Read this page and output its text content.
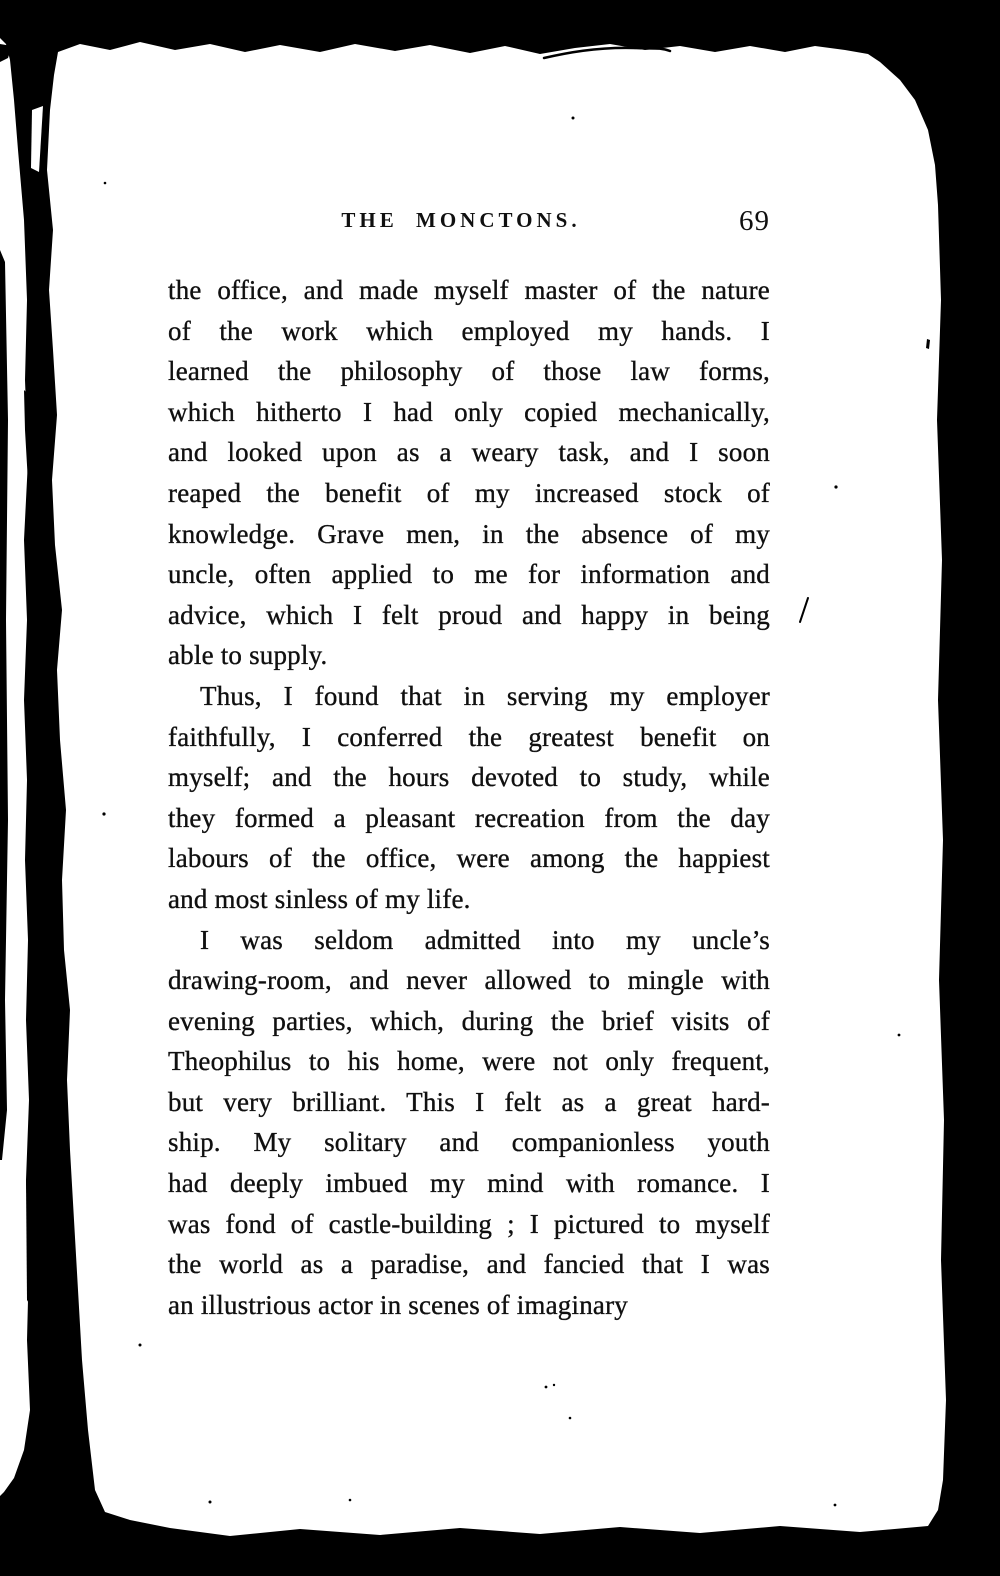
THE MONCTONS.	69
the office, and made myself master of the nature
of the work which employed my hands. I
learned the philosophy of those law forms,
which hitherto I had only copied mechanically,
and looked upon as a weary task, and I soon
reaped the benefit of my increased stock of
knowledge. Grave men, in the absence of my
uncle, often applied to me for information and
advice, which I felt proud and happy in being
able to supply.
Thus, I found that in serving my employer
faithfully, I conferred the greatest benefit on
myself; and the hours devoted to study, while
they formed a pleasant recreation from the day
labours of the office, were among the happiest
and most sinless of my life.
I was seldom admitted into my uncle’s
drawing-room, and never allowed to mingle with
evening parties, which, during the brief visits of
Theophilus to his home, were not only frequent,
but very brilliant. This I felt as a great hard-
ship. My solitary and companionless youth
had deeply imbued my mind with romance. I
was fond of castle-building ; I pictured to myself
the world as a paradise, and fancied that I was
an illustrious actor in scenes of imaginary
